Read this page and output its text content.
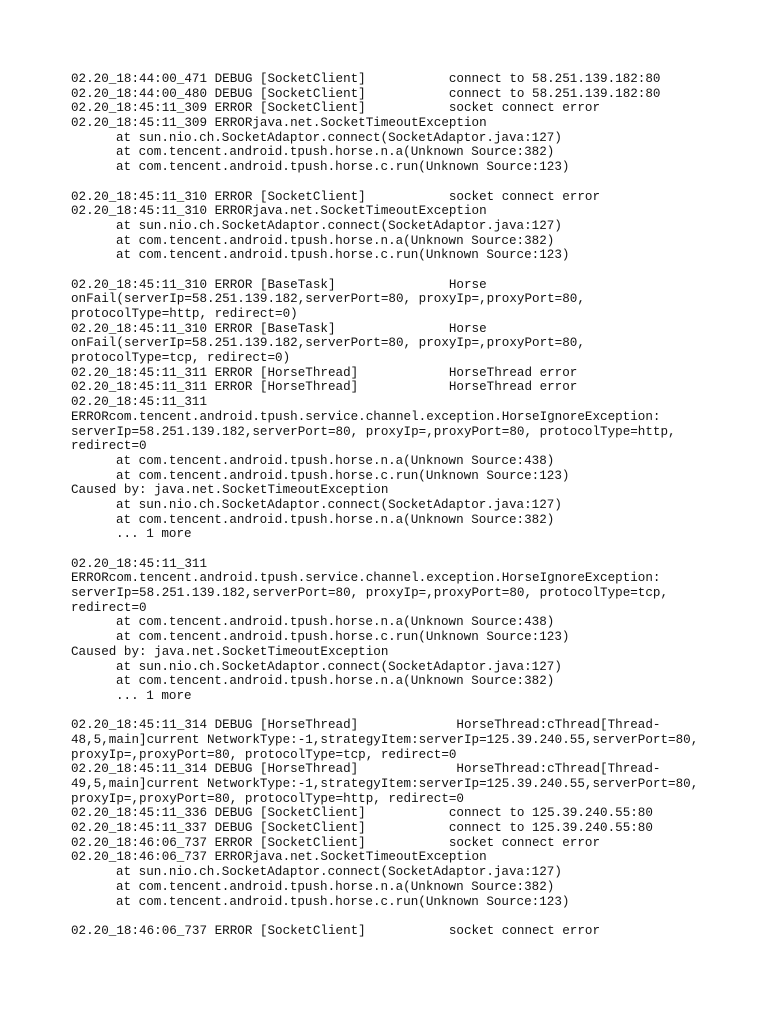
02.20_18:44:00_471 DEBUG [SocketClient]           connect to 58.251.139.182:80
02.20_18:44:00_480 DEBUG [SocketClient]           connect to 58.251.139.182:80
02.20_18:45:11_309 ERROR [SocketClient]           socket connect error
02.20_18:45:11_309 ERRORjava.net.SocketTimeoutException
at sun.nio.ch.SocketAdaptor.connect(SocketAdaptor.java:127)
at com.tencent.android.tpush.horse.n.a(Unknown Source:382)
at com.tencent.android.tpush.horse.c.run(Unknown Source:123)
02.20_18:45:11_310 ERROR [SocketClient]           socket connect error
02.20_18:45:11_310 ERRORjava.net.SocketTimeoutException
at sun.nio.ch.SocketAdaptor.connect(SocketAdaptor.java:127)
at com.tencent.android.tpush.horse.n.a(Unknown Source:382)
at com.tencent.android.tpush.horse.c.run(Unknown Source:123)
02.20_18:45:11_310 ERROR [BaseTask]               Horse
onFail(serverIp=58.251.139.182,serverPort=80, proxyIp=,proxyPort=80,
protocolType=http, redirect=0)
02.20_18:45:11_310 ERROR [BaseTask]               Horse
onFail(serverIp=58.251.139.182,serverPort=80, proxyIp=,proxyPort=80,
protocolType=tcp, redirect=0)
02.20_18:45:11_311 ERROR [HorseThread]            HorseThread error
02.20_18:45:11_311 ERROR [HorseThread]            HorseThread error
02.20_18:45:11_311
ERRORcom.tencent.android.tpush.service.channel.exception.HorseIgnoreException:
serverIp=58.251.139.182,serverPort=80, proxyIp=,proxyPort=80, protocolType=http,
redirect=0
at com.tencent.android.tpush.horse.n.a(Unknown Source:438)
at com.tencent.android.tpush.horse.c.run(Unknown Source:123)
Caused by: java.net.SocketTimeoutException
at sun.nio.ch.SocketAdaptor.connect(SocketAdaptor.java:127)
at com.tencent.android.tpush.horse.n.a(Unknown Source:382)
... 1 more
02.20_18:45:11_311
ERRORcom.tencent.android.tpush.service.channel.exception.HorseIgnoreException:
serverIp=58.251.139.182,serverPort=80, proxyIp=,proxyPort=80, protocolType=tcp,
redirect=0
at com.tencent.android.tpush.horse.n.a(Unknown Source:438)
at com.tencent.android.tpush.horse.c.run(Unknown Source:123)
Caused by: java.net.SocketTimeoutException
at sun.nio.ch.SocketAdaptor.connect(SocketAdaptor.java:127)
at com.tencent.android.tpush.horse.n.a(Unknown Source:382)
... 1 more
02.20_18:45:11_314 DEBUG [HorseThread]             HorseThread:cThread[Thread-
48,5,main]current NetworkType:-1,strategyItem:serverIp=125.39.240.55,serverPort=80,
proxyIp=,proxyPort=80, protocolType=tcp, redirect=0
02.20_18:45:11_314 DEBUG [HorseThread]             HorseThread:cThread[Thread-
49,5,main]current NetworkType:-1,strategyItem:serverIp=125.39.240.55,serverPort=80,
proxyIp=,proxyPort=80, protocolType=http, redirect=0
02.20_18:45:11_336 DEBUG [SocketClient]           connect to 125.39.240.55:80
02.20_18:45:11_337 DEBUG [SocketClient]           connect to 125.39.240.55:80
02.20_18:46:06_737 ERROR [SocketClient]           socket connect error
02.20_18:46:06_737 ERRORjava.net.SocketTimeoutException
at sun.nio.ch.SocketAdaptor.connect(SocketAdaptor.java:127)
at com.tencent.android.tpush.horse.n.a(Unknown Source:382)
at com.tencent.android.tpush.horse.c.run(Unknown Source:123)
02.20_18:46:06_737 ERROR [SocketClient]           socket connect error
